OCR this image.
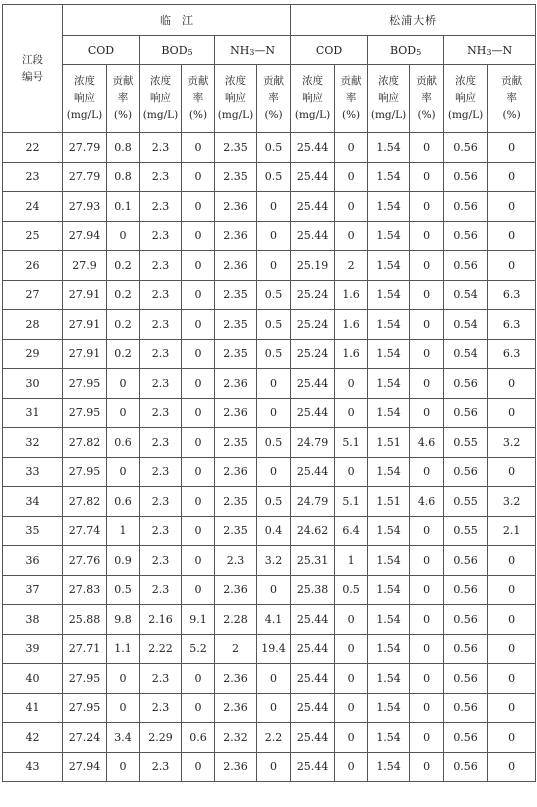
江段
编号	临　江						松浦大桥					
	COD		$BOD_5$		$NH_3—N$		COD		$BOD_5$		$NH_3—N$	
	浓度
响应
(mg/L)	贡献
率
(%)	浓度
响应
(mg/L)	贡献
率
(%)	浓度
响应
(mg/L)	贡献
率
(%)	浓度
响应
(mg/L)	贡献
率
(%)	浓度
响应
(mg/L)	贡献
率
(%)	浓度
响应
(mg/L)	贡献
率
(%)
22	27.79	0.8	2.3	0	2.35	0.5	25.44	0	1.54	0	0.56	0
23	27.79	0.8	2.3	0	2.35	0.5	25.44	0	1.54	0	0.56	0
24	27.93	0.1	2.3	0	2.36	0	25.44	0	1.54	0	0.56	0
25	27.94	0	2.3	0	2.36	0	25.44	0	1.54	0	0.56	0
26	27.9	0.2	2.3	0	2.36	0	25.19	2	1.54	0	0.56	0
27	27.91	0.2	2.3	0	2.35	0.5	25.24	1.6	1.54	0	0.54	6.3
28	27.91	0.2	2.3	0	2.35	0.5	25.24	1.6	1.54	0	0.54	6.3
29	27.91	0.2	2.3	0	2.35	0.5	25.24	1.6	1.54	0	0.54	6.3
30	27.95	0	2.3	0	2.36	0	25.44	0	1.54	0	0.56	0
31	27.95	0	2.3	0	2.36	0	25.44	0	1.54	0	0.56	0
32	27.82	0.6	2.3	0	2.35	0.5	24.79	5.1	1.51	4.6	0.55	3.2
33	27.95	0	2.3	0	2.36	0	25.44	0	1.54	0	0.56	0
34	27.82	0.6	2.3	0	2.35	0.5	24.79	5.1	1.51	4.6	0.55	3.2
35	27.74	1	2.3	0	2.35	0.4	24.62	6.4	1.54	0	0.55	2.1
36	27.76	0.9	2.3	0	2.3	3.2	25.31	1	1.54	0	0.56	0
37	27.83	0.5	2.3	0	2.36	0	25.38	0.5	1.54	0	0.56	0
38	25.88	9.8	2.16	9.1	2.28	4.1	25.44	0	1.54	0	0.56	0
39	27.71	1.1	2.22	5.2	2	19.4	25.44	0	1.54	0	0.56	0
40	27.95	0	2.3	0	2.36	0	25.44	0	1.54	0	0.56	0
41	27.95	0	2.3	0	2.36	0	25.44	0	1.54	0	0.56	0
42	27.24	3.4	2.29	0.6	2.32	2.2	25.44	0	1.54	0	0.56	0
43	27.94	0	2.3	0	2.36	0	25.44	0	1.54	0	0.56	0
